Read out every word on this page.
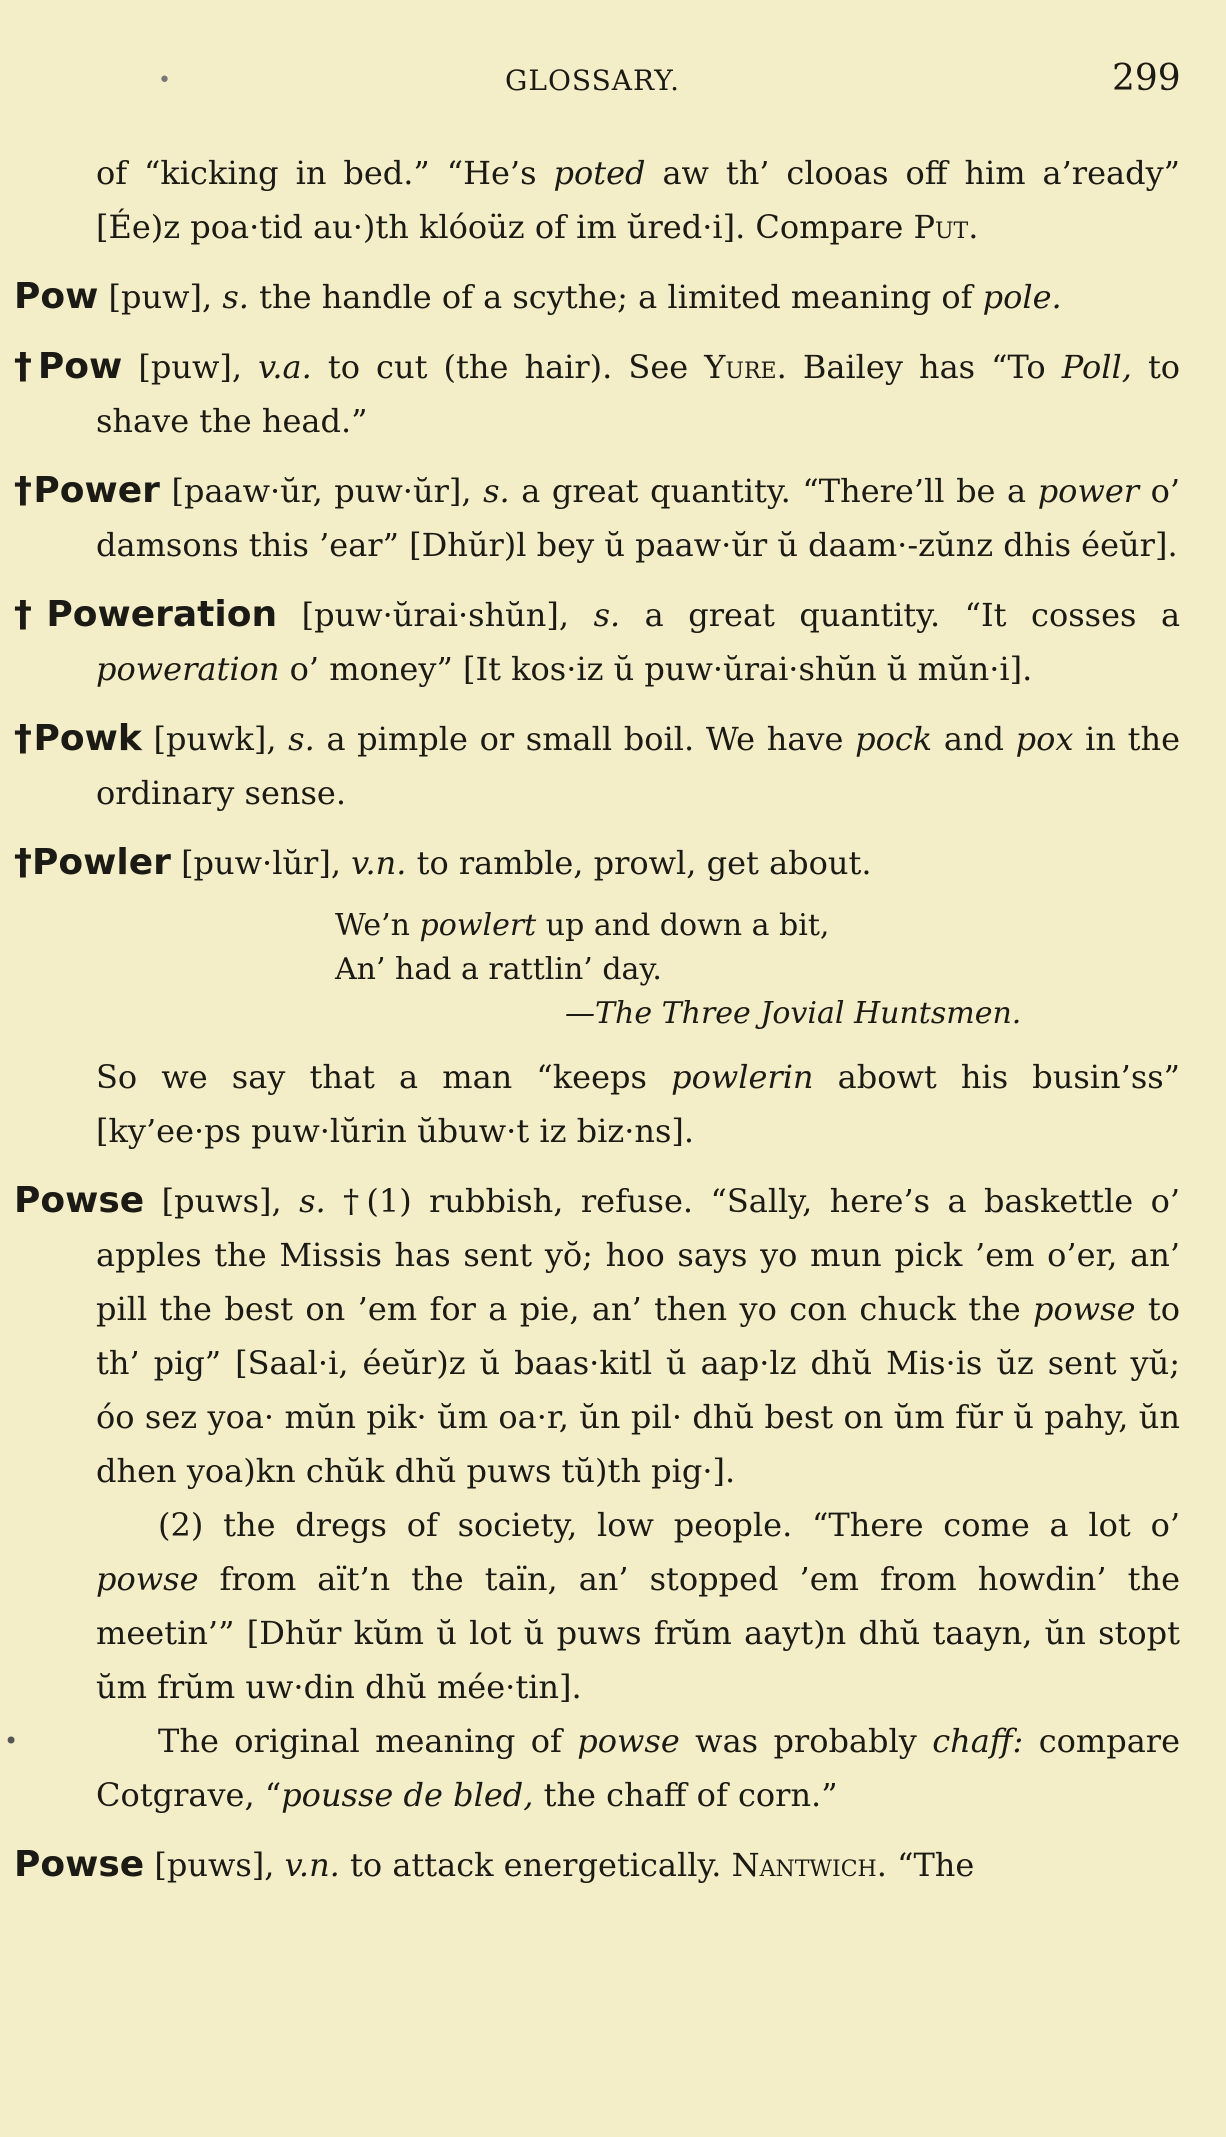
•	GLOSSARY.	299

of “kicking in bed.” “He’s poted aw th’ clooas off him a’ready” [Ée)z poa·tid au·)th klóoüz of im ŭred·i]. Compare Put.

Pow [puw], s. the handle of a scythe; a limited meaning of pole.

†Pow [puw], v.a. to cut (the hair). See Yure. Bailey has “To Poll, to shave the head.”

†Power [paaw·ŭr, puw·ŭr], s. a great quantity. “There’ll be a power o’ damsons this ’ear” [Dhŭr)l bey ŭ paaw·ŭr ŭ daam·-zŭnz dhis éeŭr].

†Poweration [puw·ŭrai·shŭn], s. a great quantity. “It cosses a poweration o’ money” [It kos·iz ŭ puw·ŭrai·shŭn ŭ mŭn·i].

†Powk [puwk], s. a pimple or small boil. We have pock and pox in the ordinary sense.

†Powler [puw·lŭr], v.n. to ramble, prowl, get about.

We’n powlert up and down a bit,
An’ had a rattlin’ day.
—The Three Jovial Huntsmen.

So we say that a man “keeps powlerin abowt his busin’ss” [ky’ee·ps puw·lŭrin ŭbuw·t iz biz·ns].

Powse [puws], s. †(1) rubbish, refuse. “Sally, here’s a baskettle o’ apples the Missis has sent yŏ; hoo says yo mun pick ’em o’er, an’ pill the best on ’em for a pie, an’ then yo con chuck the powse to th’ pig” [Saal·i, éeŭr)z ŭ baas·kitl ŭ aap·lz dhŭ Mis·is ŭz sent yŭ; óo sez yoa· mŭn pik· ŭm oa·r, ŭn pil· dhŭ best on ŭm fŭr ŭ pahy, ŭn dhen yoa)kn chŭk dhŭ puws tŭ)th pig·].

(2) the dregs of society, low people. “There come a lot o’ powse from aït’n the taïn, an’ stopped ’em from howdin’ the meetin’” [Dhŭr kŭm ŭ lot ŭ puws frŭm aayt)n dhŭ taayn, ŭn stopt ŭm frŭm uw·din dhŭ mée·tin].

•	The original meaning of powse was probably chaff: compare Cotgrave, “pousse de bled, the chaff of corn.”

Powse [puws], v.n. to attack energetically. Nantwich. “The
